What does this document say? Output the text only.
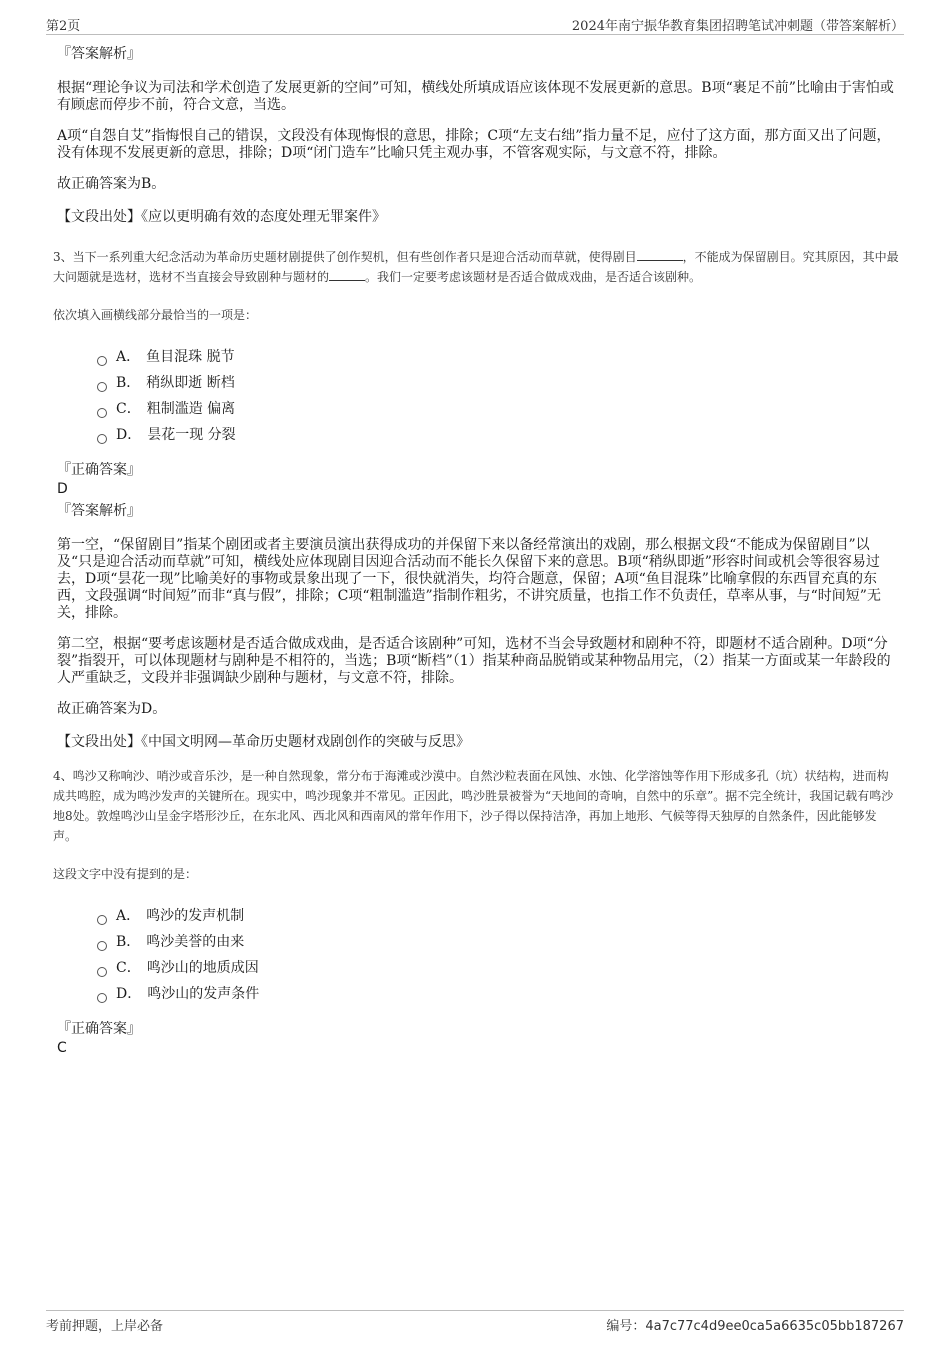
第2页	2024年南宁振华教育集团招聘笔试冲刺题（带答案解析）

『答案解析』

根据“理论争议为司法和学术创造了发展更新的空间”可知，横线处所填成语应该体现不发展更新的意思。B项“裹足不前”比喻由于害怕或有顾虑而停步不前，符合文意，当选。

A项“自怨自艾”指悔恨自己的错误，文段没有体现悔恨的意思，排除；C项“左支右绌”指力量不足，应付了这方面，那方面又出了问题，没有体现不发展更新的意思，排除；D项“闭门造车”比喻只凭主观办事，不管客观实际，与文意不符，排除。

故正确答案为B。

【文段出处】《应以更明确有效的态度处理无罪案件》

3、当下一系列重大纪念活动为革命历史题材剧提供了创作契机，但有些创作者只是迎合活动而草就，使得剧目	，不能成为保留剧目。究其原因，其中最大问题就是选材，选材不当直接会导致剧种与题材的	。我们一定要考虑该题材是否适合做成戏曲，是否适合该剧种。

依次填入画横线部分最恰当的一项是：

A． 鱼目混珠 脱节
B． 稍纵即逝 断档
C． 粗制滥造 偏离
D． 昙花一现 分裂

『正确答案』

D

『答案解析』

第一空，“保留剧目”指某个剧团或者主要演员演出获得成功的并保留下来以备经常演出的戏剧，那么根据文段“不能成为保留剧目”以及“只是迎合活动而草就”可知，横线处应体现剧目因迎合活动而不能长久保留下来的意思。B项“稍纵即逝”形容时间或机会等很容易过去，D项“昙花一现”比喻美好的事物或景象出现了一下，很快就消失，均符合题意，保留；A项“鱼目混珠”比喻拿假的东西冒充真的东西，文段强调“时间短”而非“真与假”，排除；C项“粗制滥造”指制作粗劣，不讲究质量，也指工作不负责任，草率从事，与“时间短”无关，排除。

第二空，根据“要考虑该题材是否适合做成戏曲，是否适合该剧种”可知，选材不当会导致题材和剧种不符，即题材不适合剧种。D项“分裂”指裂开，可以体现题材与剧种是不相符的，当选；B项“断档”（1）指某种商品脱销或某种物品用完，（2）指某一方面或某一年龄段的人严重缺乏，文段并非强调缺少剧种与题材，与文意不符，排除。

故正确答案为D。

【文段出处】《中国文明网—革命历史题材戏剧创作的突破与反思》

4、鸣沙又称响沙、哨沙或音乐沙，是一种自然现象，常分布于海滩或沙漠中。自然沙粒表面在风蚀、水蚀、化学溶蚀等作用下形成多孔（坑）状结构，进而构成共鸣腔，成为鸣沙发声的关键所在。现实中，鸣沙现象并不常见。正因此，鸣沙胜景被誉为“天地间的奇响，自然中的乐章”。据不完全统计，我国记载有鸣沙地8处。敦煌鸣沙山呈金字塔形沙丘，在东北风、西北风和西南风的常年作用下，沙子得以保持洁净，再加上地形、气候等得天独厚的自然条件，因此能够发声。

这段文字中没有提到的是：

A． 鸣沙的发声机制
B． 鸣沙美誉的由来
C． 鸣沙山的地质成因
D． 鸣沙山的发声条件

『正确答案』

C

考前押题，上岸必备	编号：4a7c77c4d9ee0ca5a6635c05bb187267
